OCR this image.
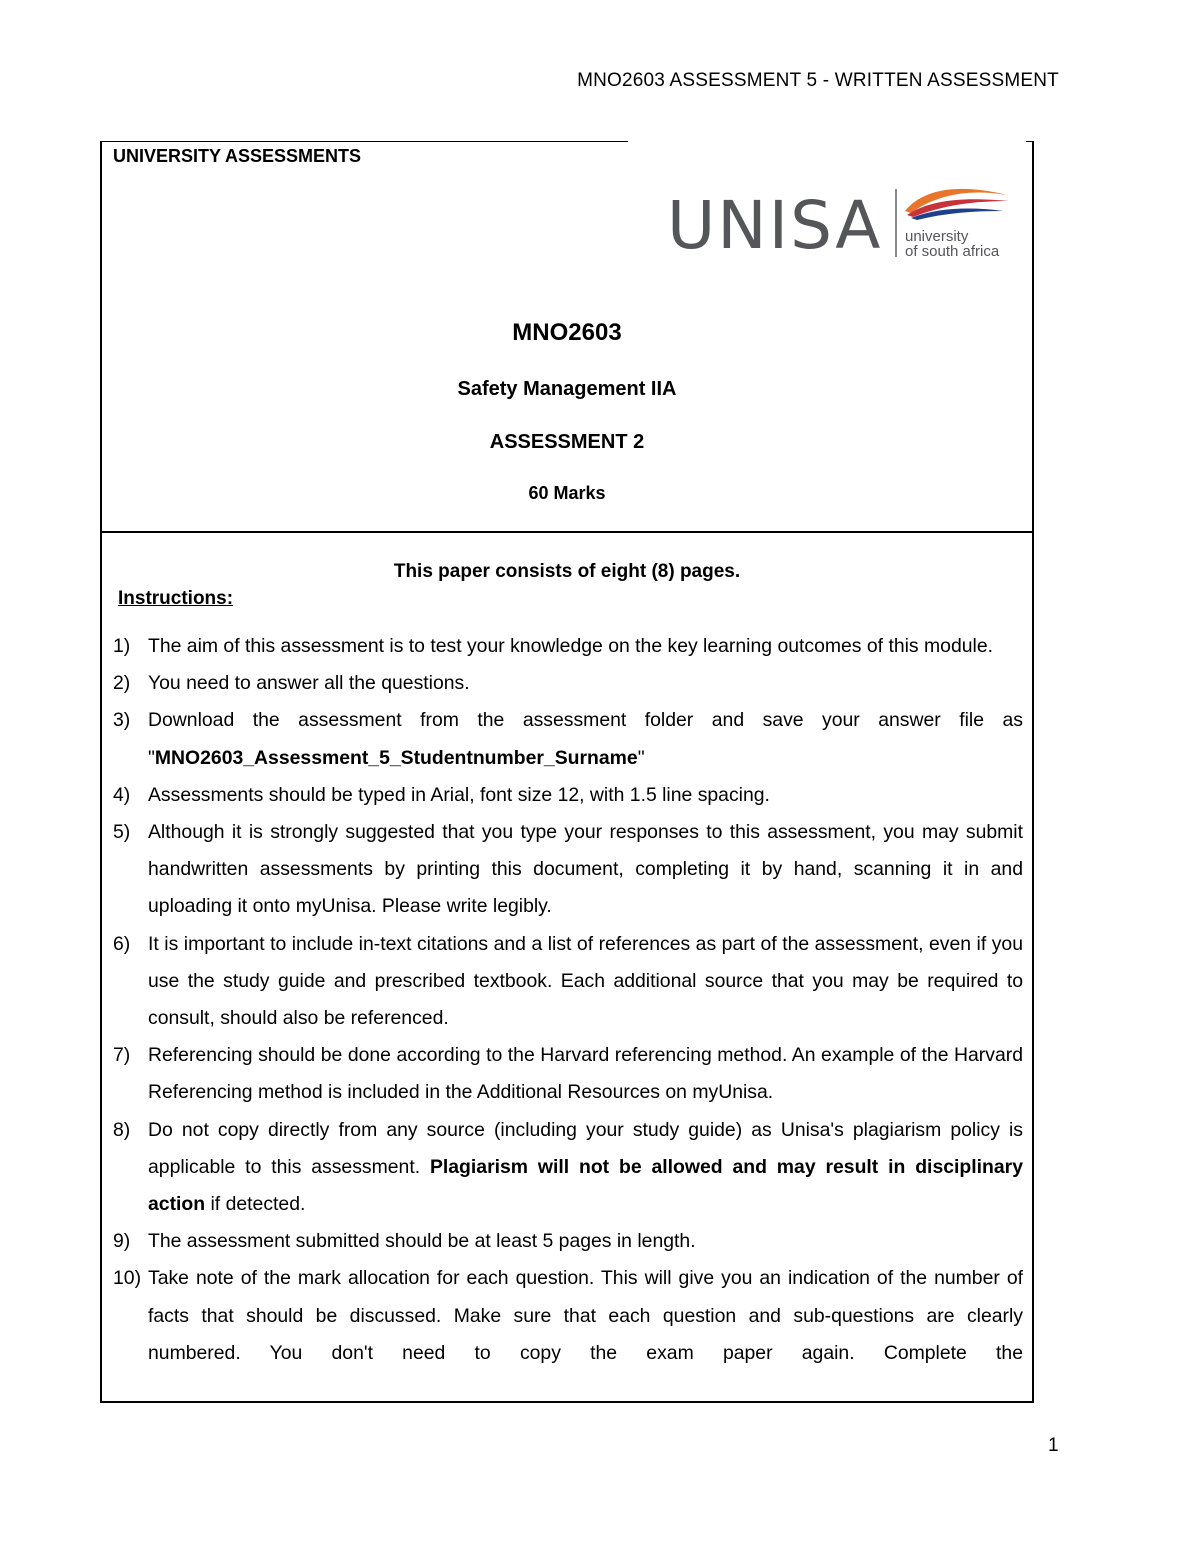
MNO2603 ASSESSMENT 5 - WRITTEN ASSESSMENT
UNIVERSITY ASSESSMENTS
UNISA university
of south africa
MNO2603
Safety Management IIA
ASSESSMENT 2
60 Marks
This paper consists of eight (8) pages.
Instructions:
1) The aim of this assessment is to test your knowledge on the key learning outcomes of this module.
2) You need to answer all the questions.
3) Download the assessment from the assessment folder and save your answer file as "MNO2603_Assessment_5_Studentnumber_Surname"
4) Assessments should be typed in Arial, font size 12, with 1.5 line spacing.
5) Although it is strongly suggested that you type your responses to this assessment, you may submit handwritten assessments by printing this document, completing it by hand, scanning it in and uploading it onto myUnisa. Please write legibly.
6) It is important to include in-text citations and a list of references as part of the assessment, even if you use the study guide and prescribed textbook. Each additional source that you may be required to consult, should also be referenced.
7) Referencing should be done according to the Harvard referencing method. An example of the Harvard Referencing method is included in the Additional Resources on myUnisa.
8) Do not copy directly from any source (including your study guide) as Unisa's plagiarism policy is applicable to this assessment. Plagiarism will not be allowed and may result in disciplinary action if detected.
9) The assessment submitted should be at least 5 pages in length.
10) Take note of the mark allocation for each question. This will give you an indication of the number of facts that should be discussed. Make sure that each question and sub-questions are clearly numbered. You don't need to copy the exam paper again. Complete the
1
